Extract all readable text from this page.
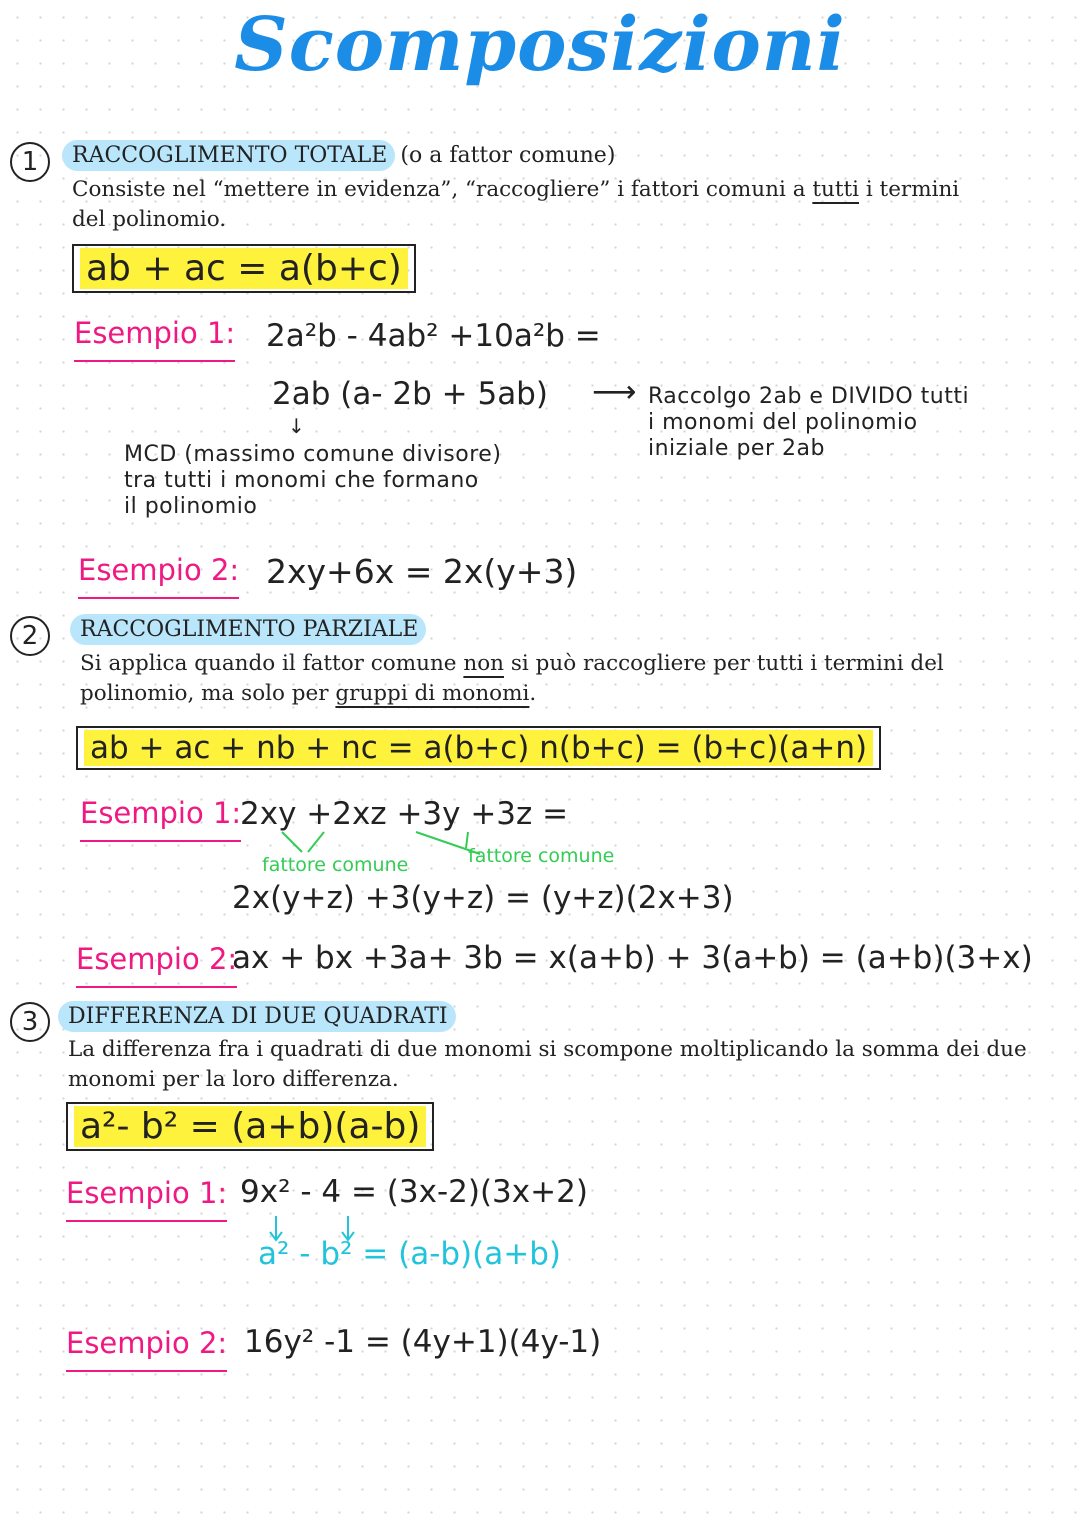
Scomposizioni
1	RACCOGLIMENTO TOTALE (o a fattor comune)

Consiste nel “mettere in evidenza”, “raccogliere” i fattori comuni a tutti i termini del polinomio.

ab + ac = a(b+c)
Esempio 1: 2a²b - 4ab² +10a²b =
2ab (a- 2b + 5ab) ⟶ Raccolgo 2ab e DIVIDO tutti
i monomi del polinomio
iniziale per 2ab
↓
MCD (massimo comune divisore)
tra tutti i monomi che formano
il polinomio
Esempio 2: 2xy+6x = 2x(y+3)
2	RACCOGLIMENTO PARZIALE

Si applica quando il fattor comune non si può raccogliere per tutti i termini del polinomio, ma solo per gruppi di monomi.

ab + ac + nb + nc = a(b+c) n(b+c) = (b+c)(a+n)
Esempio 1:
2xy +2xz +3y +3z =
fattore comune	fattore comune
2x(y+z) +3(y+z) = (y+z)(2x+3)
Esempio 2:
ax + bx +3a+ 3b = x(a+b) + 3(a+b) = (a+b)(3+x)
3	DIFFERENZA DI DUE QUADRATI

La differenza fra i quadrati di due monomi si scompone moltiplicando la somma dei due monomi per la loro differenza.

a²- b² = (a+b)(a-b)
Esempio 1: 9x² - 4 = (3x-2)(3x+2)
a² - b² = (a-b)(a+b)
Esempio 2: 16y² -1 = (4y+1)(4y-1)
